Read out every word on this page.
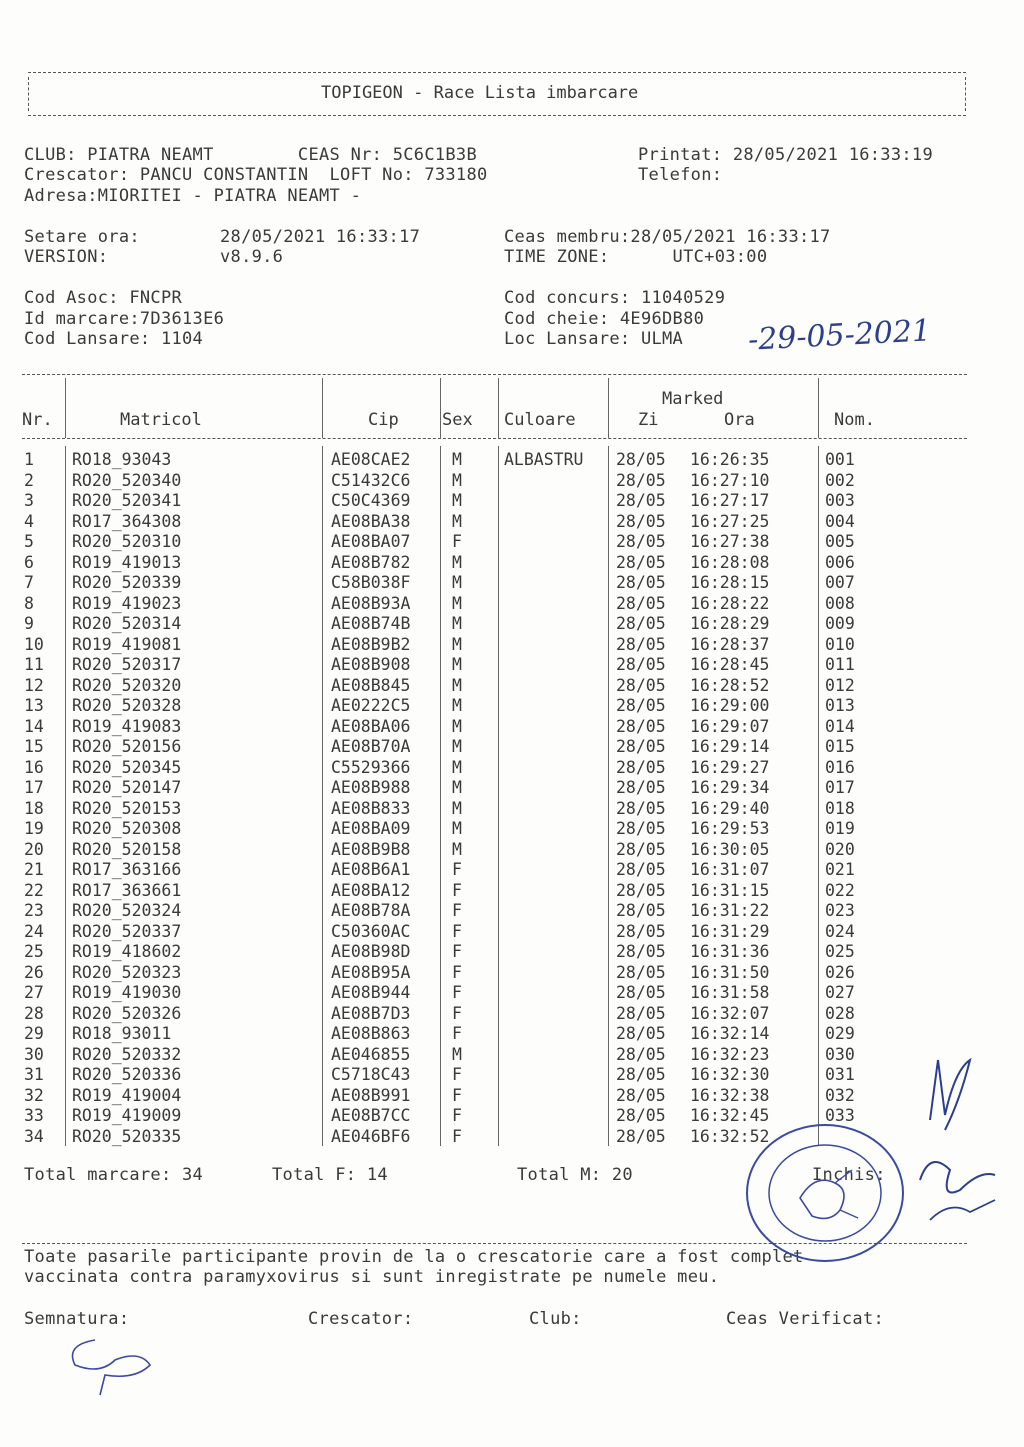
TOPIGEON - Race Lista imbarcare
CLUB: PIATRA NEAMT        CEAS Nr: 5C6C1B3B	Printat: 28/05/2021 16:33:19
Crescator: PANCU CONSTANTIN  LOFT No: 733180	Telefon:
Adresa:MIORITEI - PIATRA NEAMT -
Setare ora:	28/05/2021 16:33:17	Ceas membru:28/05/2021 16:33:17
VERSION:	v8.9.6	TIME ZONE:      UTC+03:00
Cod Asoc: FNCPR	Cod concurs: 11040529
Id marcare:7D3613E6	Cod cheie: 4E96DB80
Cod Lansare: 1104	Loc Lansare: ULMA -29-05-2021
Nr.	Matricol	Cip	Sex Culoare
Marked
Zi	Ora	Nom.
1 RO18_93043	AE08CAE2	M	ALBASTRU 28/05 16:26:35	001
2 RO20_520340	C51432C6	M	28/05 16:27:10	002
3 RO20_520341	C50C4369	M	28/05 16:27:17	003
4 RO17_364308	AE08BA38	M	28/05 16:27:25	004
5 RO20_520310	AE08BA07	F	28/05 16:27:38	005
6 RO19_419013	AE08B782	M	28/05 16:28:08	006
7 RO20_520339	C58B038F	M	28/05 16:28:15	007
8 RO19_419023	AE08B93A	M	28/05 16:28:22	008
9 RO20_520314	AE08B74B	M	28/05 16:28:29	009
10 RO19_419081	AE08B9B2	M	28/05 16:28:37	010
11 RO20_520317	AE08B908	M	28/05 16:28:45	011
12 RO20_520320	AE08B845	M	28/05 16:28:52	012
13 RO20_520328	AE0222C5	M	28/05 16:29:00	013
14 RO19_419083	AE08BA06	M	28/05 16:29:07	014
15 RO20_520156	AE08B70A	M	28/05 16:29:14	015
16 RO20_520345	C5529366	M	28/05 16:29:27	016
17 RO20_520147	AE08B988	M	28/05 16:29:34	017
18 RO20_520153	AE08B833	M	28/05 16:29:40	018
19 RO20_520308	AE08BA09	M	28/05 16:29:53	019
20 RO20_520158	AE08B9B8	M	28/05 16:30:05	020
21 RO17_363166	AE08B6A1	F	28/05 16:31:07	021
22 RO17_363661	AE08BA12	F	28/05 16:31:15	022
23 RO20_520324	AE08B78A	F	28/05 16:31:22	023
24 RO20_520337	C50360AC	F	28/05 16:31:29	024
25 RO19_418602	AE08B98D	F	28/05 16:31:36	025
26 RO20_520323	AE08B95A	F	28/05 16:31:50	026
27 RO19_419030	AE08B944	F	28/05 16:31:58	027
28 RO20_520326	AE08B7D3	F	28/05 16:32:07	028
29 RO18_93011	AE08B863	F	28/05 16:32:14	029
30 RO20_520332	AE046855	M	28/05 16:32:23	030
31 RO20_520336	C5718C43	F	28/05 16:32:30	031
32 RO19_419004	AE08B991	F	28/05 16:32:38	032
33 RO19_419009	AE08B7CC	F	28/05 16:32:45	033
34 RO20_520335	AE046BF6	F	28/05 16:32:52
Total marcare: 34	Total F: 14	Total M: 20	Inchis:
Toate pasarile participante provin de la o crescatorie care a fost complet
vaccinata contra paramyxovirus si sunt inregistrate pe numele meu.
Semnatura:	Crescator:	Club:	Ceas Verificat:
